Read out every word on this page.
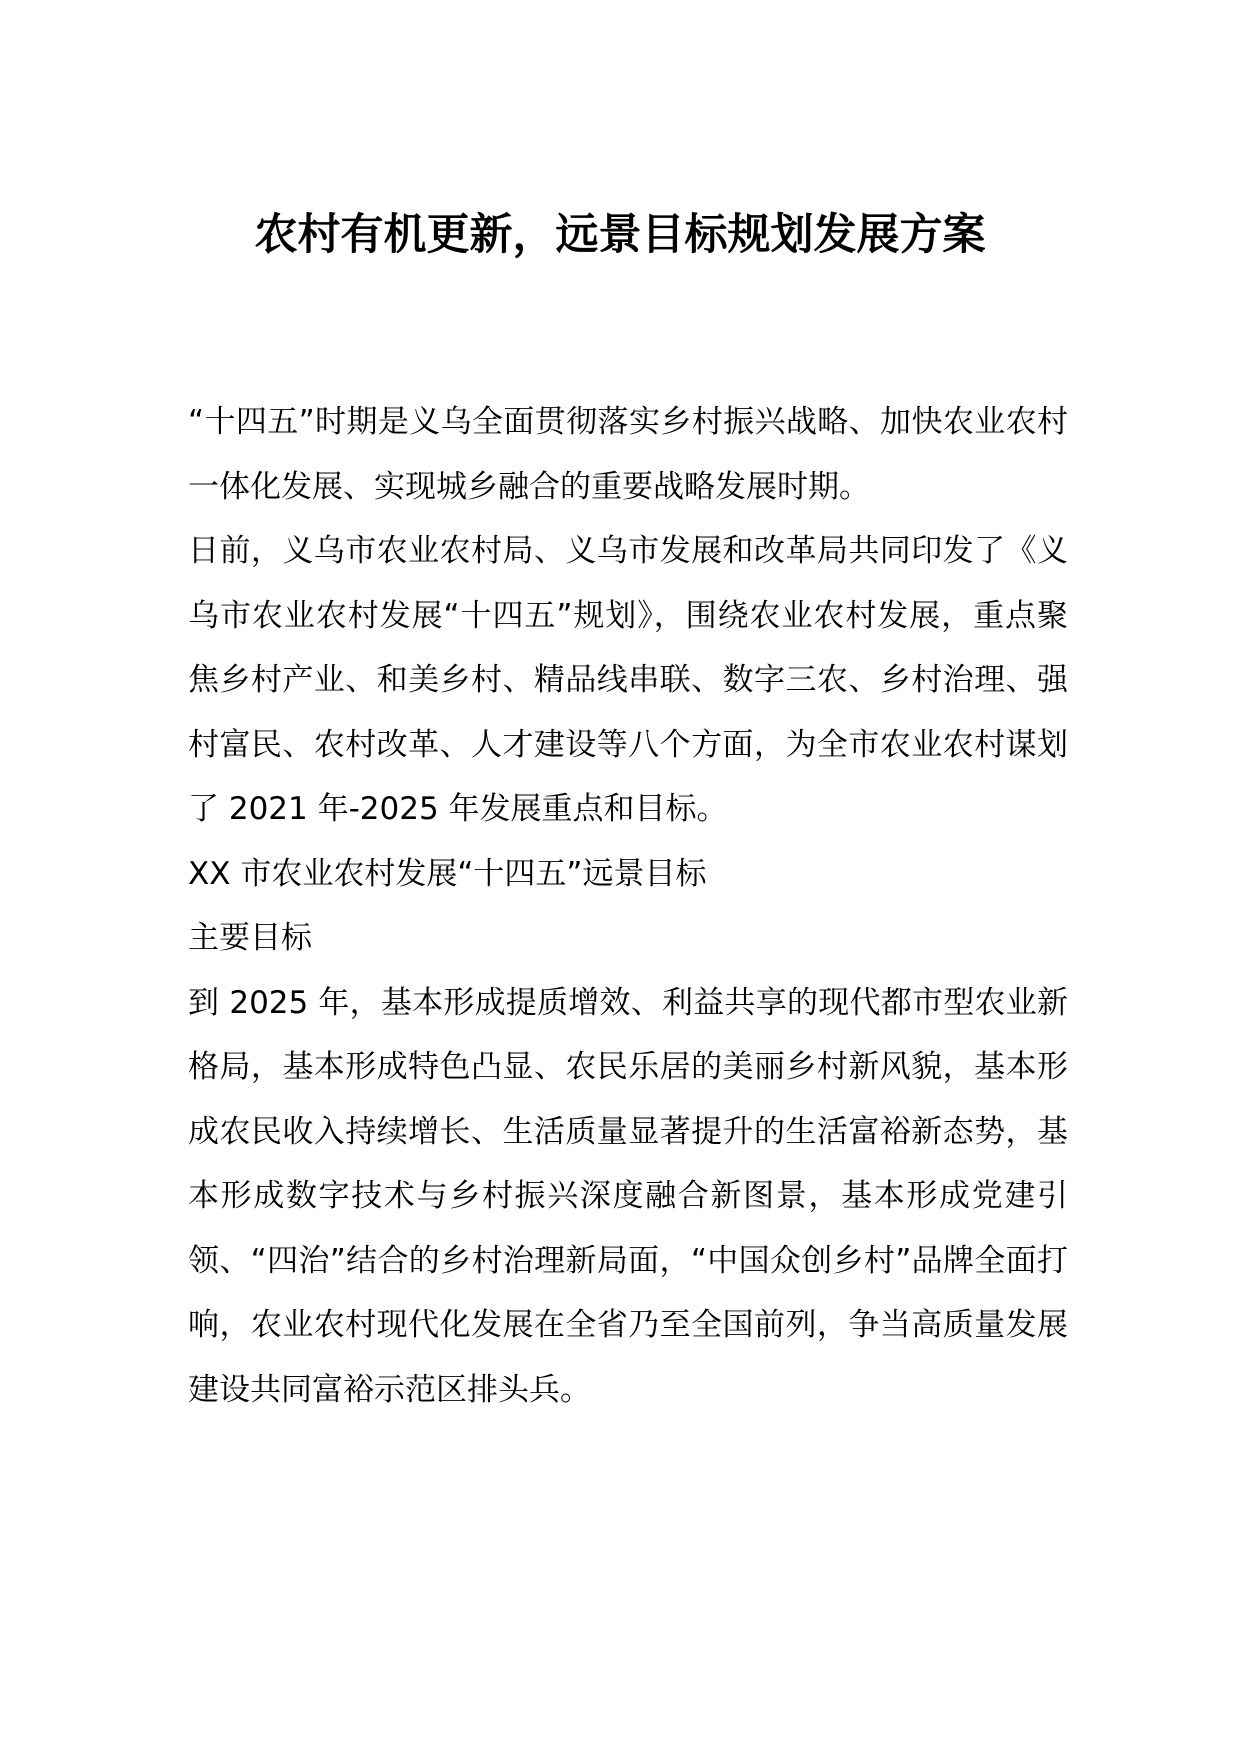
农村有机更新，远景目标规划发展方案

“十四五”时期是义乌全面贯彻落实乡村振兴战略、加快农业农村一体化发展、实现城乡融合的重要战略发展时期。

日前，义乌市农业农村局、义乌市发展和改革局共同印发了《义乌市农业农村发展“十四五”规划》，围绕农业农村发展，重点聚焦乡村产业、和美乡村、精品线串联、数字三农、乡村治理、强村富民、农村改革、人才建设等八个方面，为全市农业农村谋划了 2021 年-2025 年发展重点和目标。

XX 市农业农村发展“十四五”远景目标

主要目标

到 2025 年，基本形成提质增效、利益共享的现代都市型农业新格局，基本形成特色凸显、农民乐居的美丽乡村新风貌，基本形成农民收入持续增长、生活质量显著提升的生活富裕新态势，基本形成数字技术与乡村振兴深度融合新图景，基本形成党建引领、“四治”结合的乡村治理新局面，“中国众创乡村”品牌全面打响，农业农村现代化发展在全省乃至全国前列，争当高质量发展建设共同富裕示范区排头兵。
